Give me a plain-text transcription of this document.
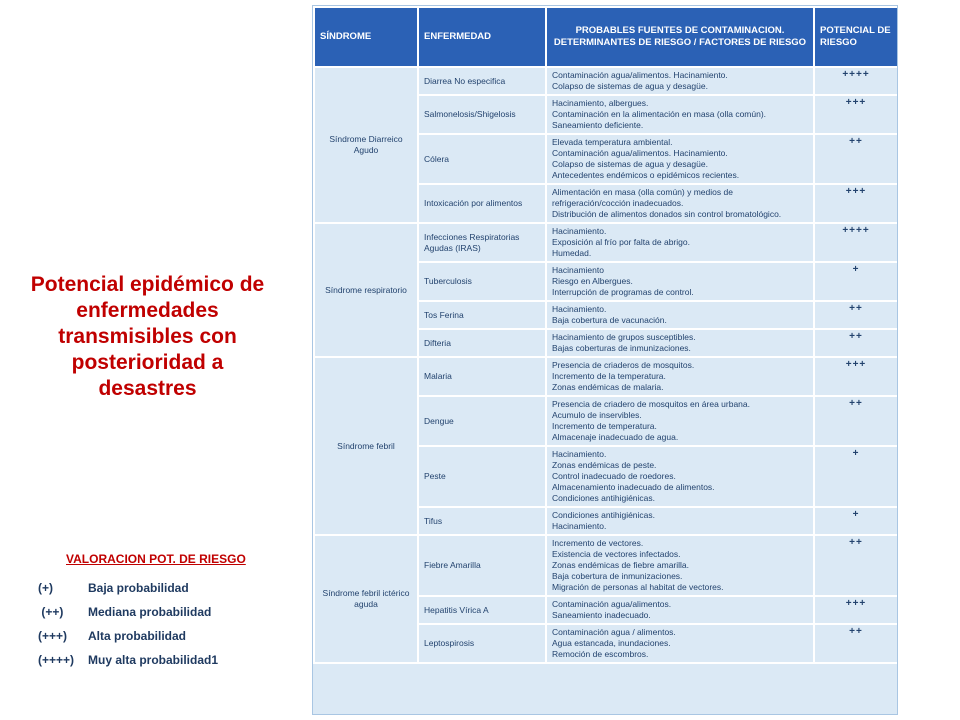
Potencial epidémico de enfermedades transmisibles con posterioridad a desastres
VALORACION POT. DE RIESGO
(+)	Baja probabilidad
(++)	Mediana probabilidad
(+++)	Alta probabilidad
(++++)	Muy alta probabilidad1
SÍNDROME	ENFERMEDAD	PROBABLES FUENTES DE CONTAMINACION. DETERMINANTES DE RIESGO / FACTORES DE RIESGO	POTENCIAL DE RIESGO
Síndrome Diarreico Agudo	Diarrea No especifica	Contaminación agua/alimentos. Hacinamiento.
Colapso de sistemas de agua y desagüe.	++++
	Salmonelosis/Shigelosis	Hacinamiento, albergues.
Contaminación en la alimentación en masa (olla común).
Saneamiento deficiente.	+++
	Cólera	Elevada temperatura ambiental.
Contaminación agua/alimentos. Hacinamiento.
Colapso de sistemas de agua y desagüe.
Antecedentes endémicos o epidémicos recientes.	++
	Intoxicación por alimentos	Alimentación en masa (olla común) y medios de refrigeración/cocción inadecuados.
Distribución de alimentos donados sin control bromatológico.	+++
Síndrome respiratorio	Infecciones Respiratorias Agudas (IRAS)	Hacinamiento.
Exposición al frío por falta de abrigo.
Humedad.	++++
	Tuberculosis	Hacinamiento
Riesgo en Albergues.
Interrupción de programas de control.	+
	Tos Ferina	Hacinamiento.
Baja cobertura de vacunación.	++
	Difteria	Hacinamiento de grupos susceptibles.
Bajas coberturas de inmunizaciones.	++
Síndrome febril	Malaria	Presencia de criaderos de mosquitos.
Incremento de la temperatura.
Zonas endémicas de malaria.	+++
	Dengue	Presencia de criadero de mosquitos en área urbana.
Acumulo de inservibles.
Incremento de temperatura.
Almacenaje inadecuado de agua.	++
	Peste	Hacinamiento.
Zonas endémicas de peste.
Control inadecuado de roedores.
Almacenamiento inadecuado de alimentos.
Condiciones antihigiénicas.	+
	Tifus	Condiciones antihigiénicas.
Hacinamiento.	+
Síndrome febril ictérico aguda	Fiebre Amarilla	Incremento de vectores.
Existencia de vectores infectados.
Zonas endémicas de fiebre amarilla.
Baja cobertura de inmunizaciones.
Migración de personas al habitat de vectores.	++
	Hepatitis Vírica A	Contaminación agua/alimentos.
Saneamiento inadecuado.	+++
	Leptospirosis	Contaminación agua / alimentos.
Agua estancada, inundaciones.
Remoción de escombros.	++
